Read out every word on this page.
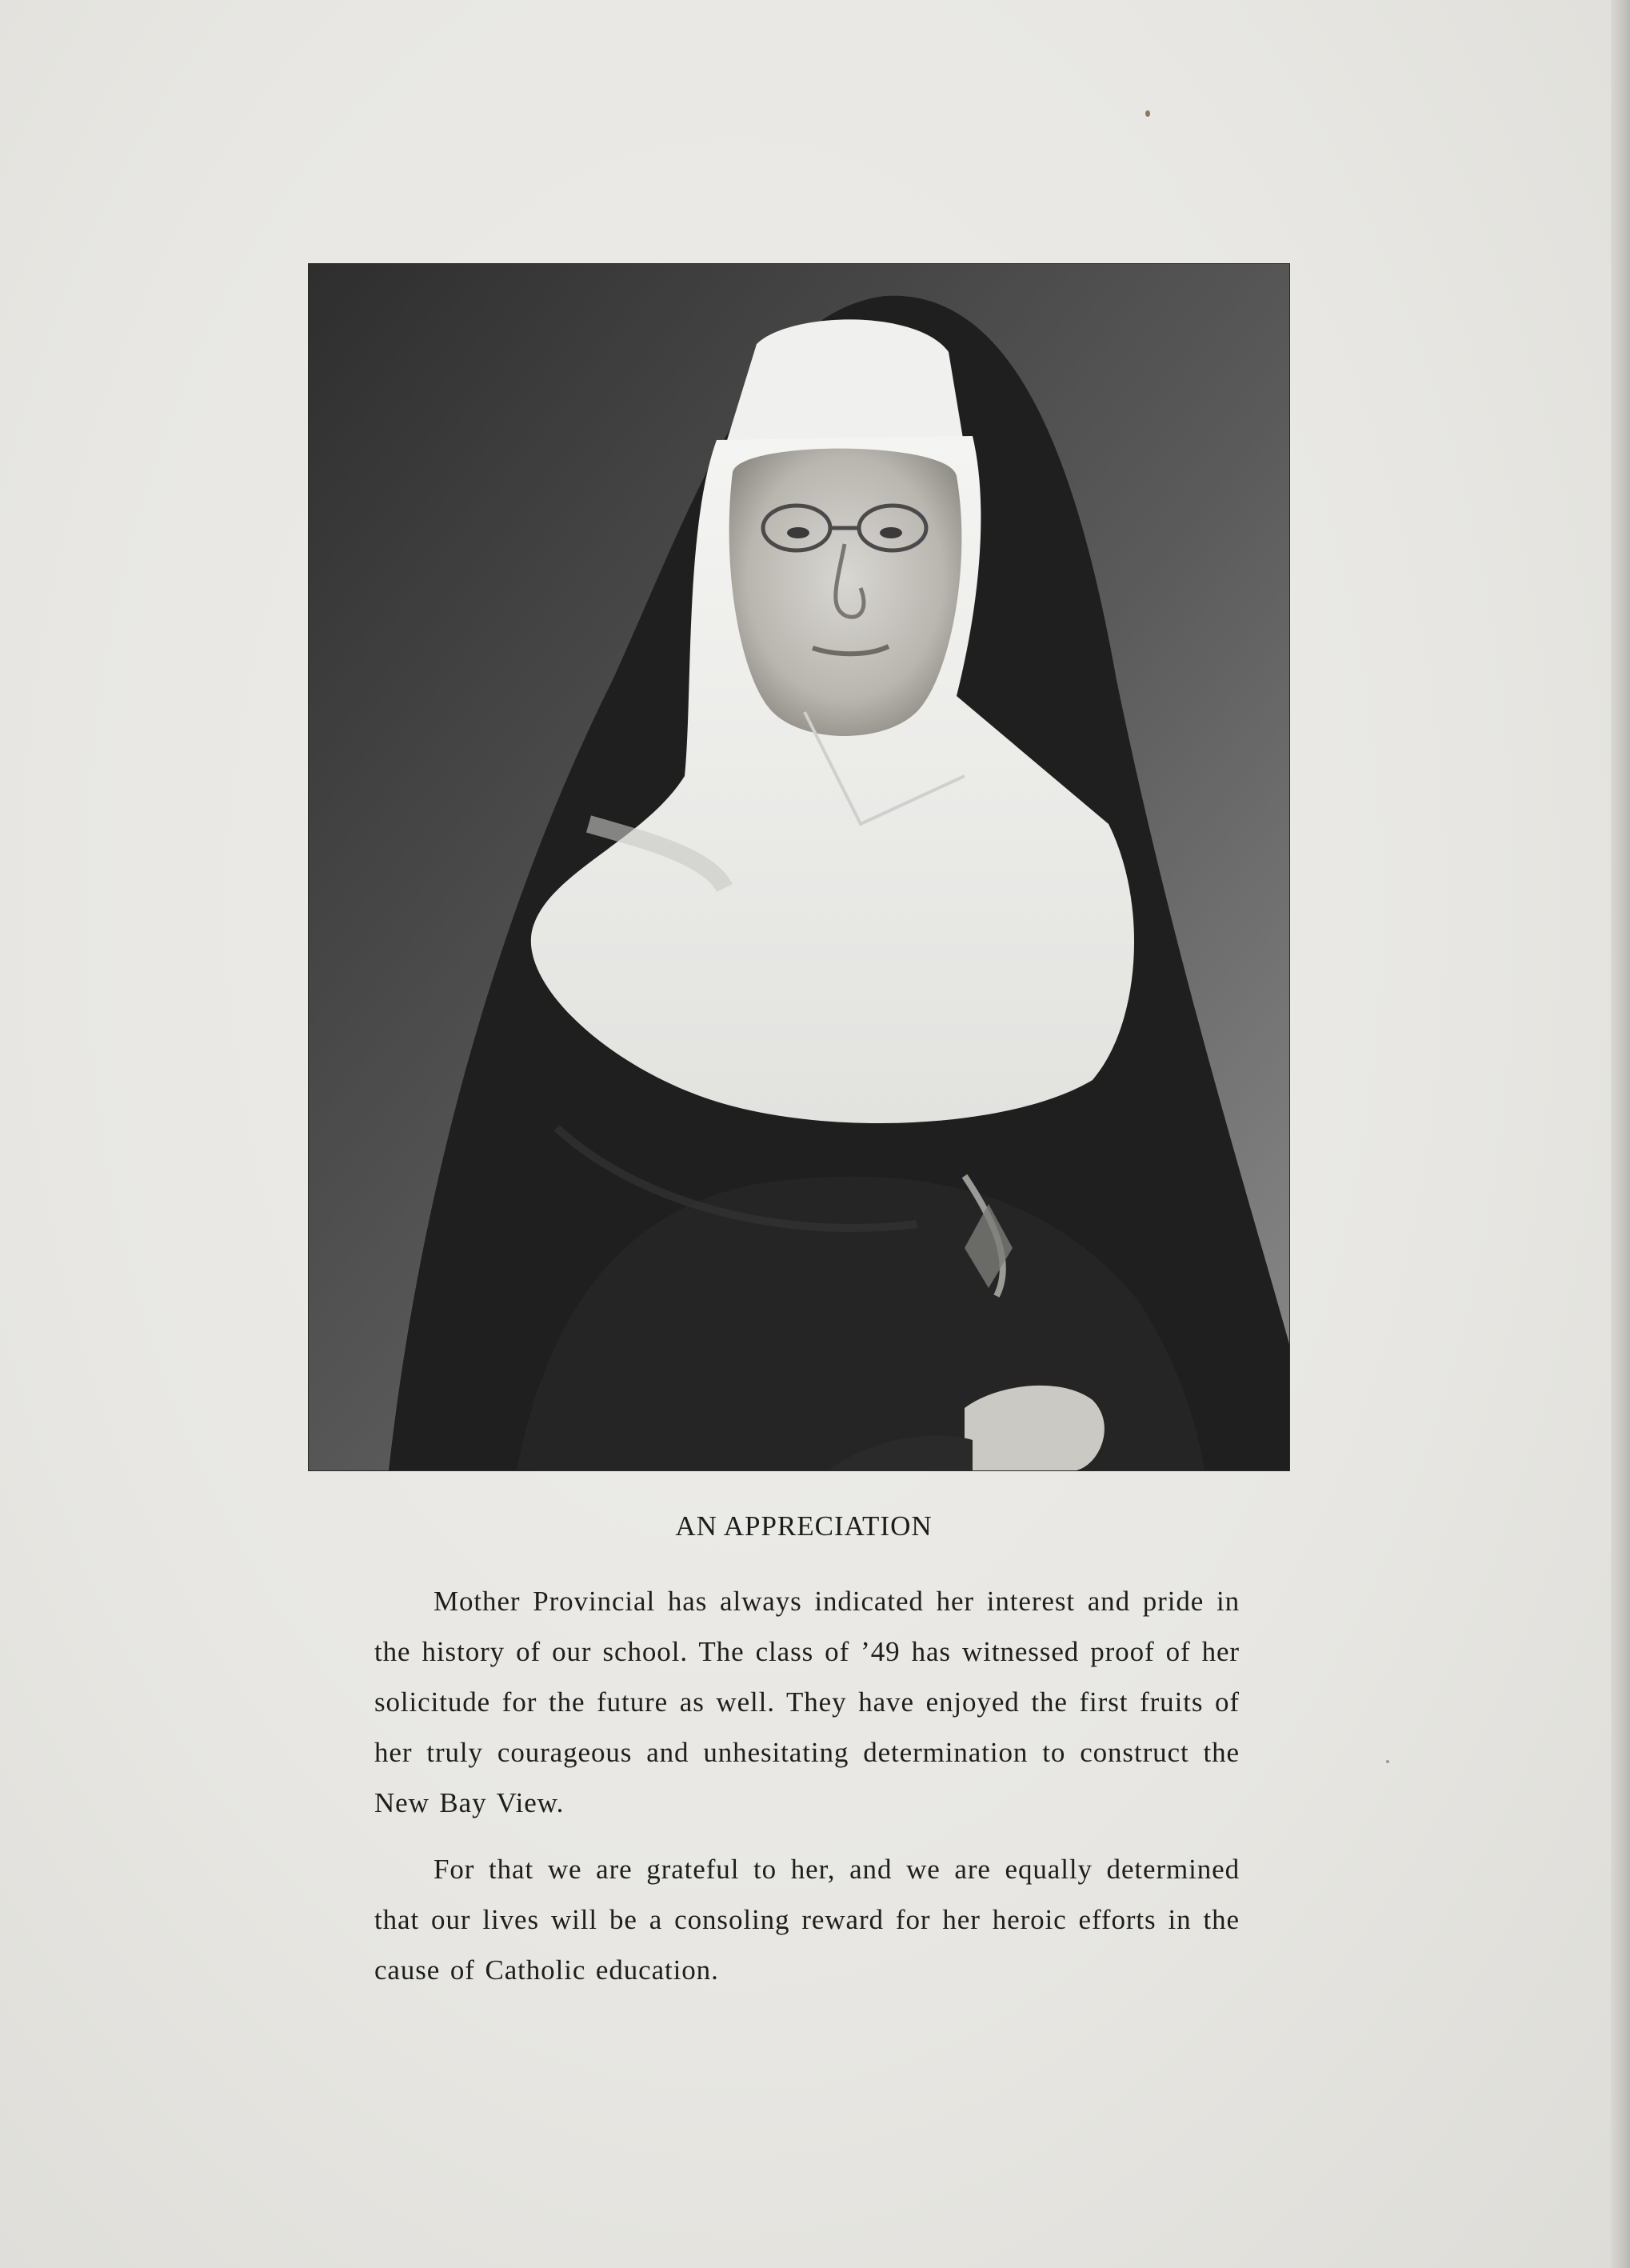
AN APPRECIATION

Mother Provincial has always indicated her interest and pride in the history of our school. The class of ’49 has witnessed proof of her solicitude for the future as well. They have enjoyed the first fruits of her truly courageous and unhesitating determination to construct the New Bay View.

For that we are grateful to her, and we are equally determined that our lives will be a consoling reward for her heroic efforts in the cause of Catholic education.
